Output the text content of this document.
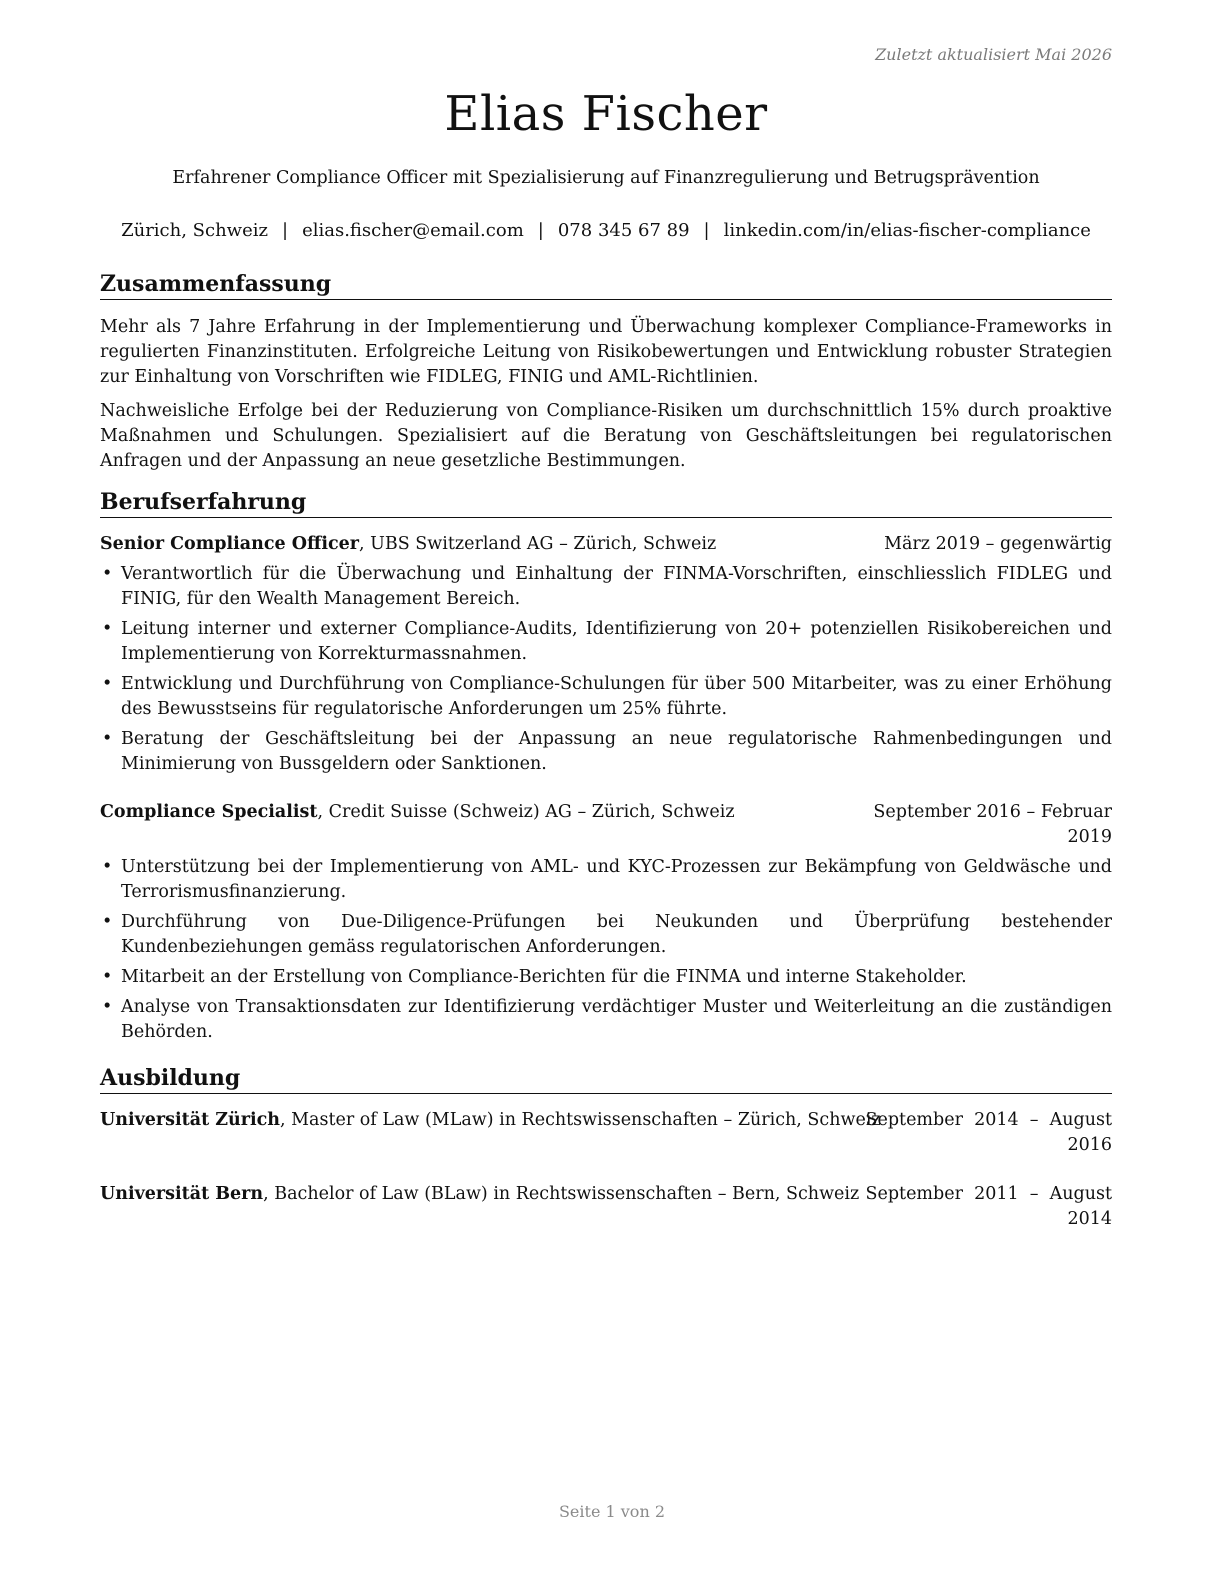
Zuletzt aktualisiert Mai 2026
Elias Fischer
Erfahrener Compliance Officer mit Spezialisierung auf Finanzregulierung und Betrugsprävention
Zürich, Schweiz | elias.fischer@email.com | 078 345 67 89 | linkedin.com/in/elias-fischer-compliance
Zusammenfassung
Mehr als 7 Jahre Erfahrung in der Implementierung und Überwachung komplexer Compliance-Frameworks in regulierten Finanzinstituten. Erfolgreiche Leitung von Risikobewertungen und Entwicklung robuster Strategien zur Einhaltung von Vorschriften wie FIDLEG, FINIG und AML-Richtlinien.
Nachweisliche Erfolge bei der Reduzierung von Compliance-Risiken um durchschnittlich 15% durch proaktive Maßnahmen und Schulungen. Spezialisiert auf die Beratung von Geschäftsleitungen bei regulatorischen Anfragen und der Anpassung an neue gesetzliche Bestimmungen.
Berufserfahrung
Senior Compliance Officer, UBS Switzerland AG – Zürich, Schweiz	März 2019 – gegenwärtig
• Verantwortlich für die Überwachung und Einhaltung der FINMA-Vorschriften, einschliesslich FIDLEG und FINIG, für den Wealth Management Bereich.
• Leitung interner und externer Compliance-Audits, Identifizierung von 20+ potenziellen Risikobereichen und Implementierung von Korrekturmassnahmen.
• Entwicklung und Durchführung von Compliance-Schulungen für über 500 Mitarbeiter, was zu einer Erhöhung des Bewusstseins für regulatorische Anforderungen um 25% führte.
• Beratung der Geschäftsleitung bei der Anpassung an neue regulatorische Rahmenbedingungen und Minimierung von Bussgeldern oder Sanktionen.
Compliance Specialist, Credit Suisse (Schweiz) AG – Zürich, Schweiz	September 2016 – Februar
2019
• Unterstützung bei der Implementierung von AML- und KYC-Prozessen zur Bekämpfung von Geldwäsche und Terrorismusfinanzierung.
• Durchführung von Due-Diligence-Prüfungen bei Neukunden und Überprüfung bestehender Kundenbeziehungen gemäss regulatorischen Anforderungen.
• Mitarbeit an der Erstellung von Compliance-Berichten für die FINMA und interne Stakeholder.
• Analyse von Transaktionsdaten zur Identifizierung verdächtiger Muster und Weiterleitung an die zuständigen Behörden.
Ausbildung
Universität Zürich, Master of Law (MLaw) in Rechtswissenschaften – Zürich, Schweiz
September  2014  –  August
2016
Universität Bern, Bachelor of Law (BLaw) in Rechtswissenschaften – Bern, Schweiz September  2011  –  August
2014
Seite 1 von 2
